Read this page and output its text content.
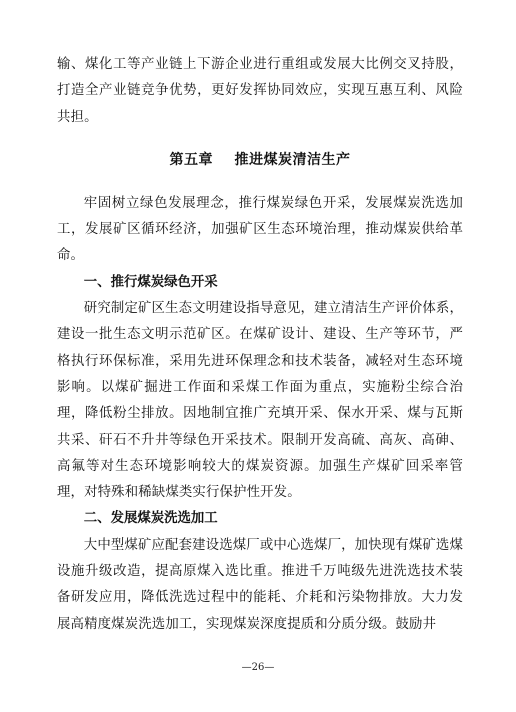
输、煤化工等产业链上下游企业进行重组或发展大比例交叉持股，打造全产业链竞争优势，更好发挥协同效应，实现互惠互利、风险共担。

第五章    推进煤炭清洁生产

牢固树立绿色发展理念，推行煤炭绿色开采，发展煤炭洗选加工，发展矿区循环经济，加强矿区生态环境治理，推动煤炭供给革命。

一、推行煤炭绿色开采

研究制定矿区生态文明建设指导意见，建立清洁生产评价体系，建设一批生态文明示范矿区。在煤矿设计、建设、生产等环节，严格执行环保标准，采用先进环保理念和技术装备，减轻对生态环境影响。以煤矿掘进工作面和采煤工作面为重点，实施粉尘综合治理，降低粉尘排放。因地制宜推广充填开采、保水开采、煤与瓦斯共采、矸石不升井等绿色开采技术。限制开发高硫、高灰、高砷、高氟等对生态环境影响较大的煤炭资源。加强生产煤矿回采率管理，对特殊和稀缺煤类实行保护性开发。

二、发展煤炭洗选加工

大中型煤矿应配套建设选煤厂或中心选煤厂，加快现有煤矿选煤设施升级改造，提高原煤入选比重。推进千万吨级先进洗选技术装备研发应用，降低洗选过程中的能耗、介耗和污染物排放。大力发展高精度煤炭洗选加工，实现煤炭深度提质和分质分级。鼓励井

—26—
